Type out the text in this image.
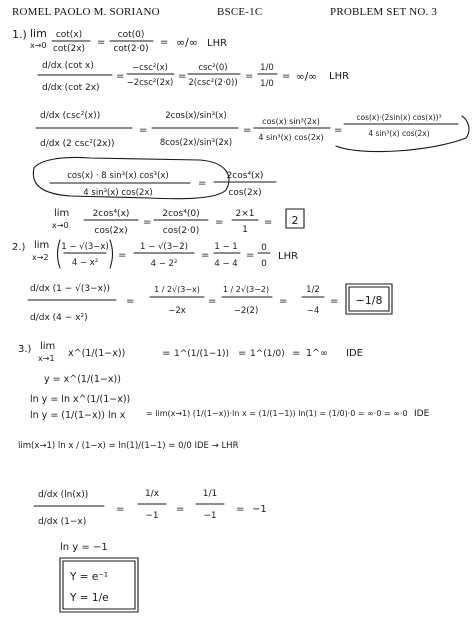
ROMEL PAOLO M. SORIANO	BSCE-1C	PROBLEM SET NO. 3
1.) lim
x→0
cot(x)
cot(2x)
=
cot(0)
cot(2·0)
= ∞/∞ LHR
d/dx (cot x)
d/dx (cot 2x)
=
−csc²(x)
−2csc²(2x)
=
csc²(0)
2(csc²(2·0))
=
1/0
1/0
= ∞/∞ LHR
d/dx (csc²(x))
d/dx (2 csc²(2x))
=
2cos(x)/sin³(x)
8cos(2x)/sin³(2x)
=
cos(x) sin³(2x)
4 sin³(x) cos(2x)
=
cos(x)·(2sin(x) cos(x))³
4 sin³(x) cos(2x)
cos(x) · 8 sin³(x) cos³(x)
4 sin³(x) cos(2x)
=
2cos⁴(x)
cos(2x)
lim
x→0
2cos⁴(x)
cos(2x)
=
2cos⁴(0)
cos(2·0)
=
2×1
1
= 2
2.) lim
x→2
1 − √(3−x)
4 − x²
=
1 − √(3−2)
4 − 2²
=
1 − 1
4 − 4
=
0
0
LHR
d/dx (1 − √(3−x))
d/dx (4 − x²)
=
1 / 2√(3−x)
−2x
=
1 / 2√(3−2)
−2(2)
=
1/2
−4
= −1/8
3.) lim
x→1 x^(1/(1−x))	= 1^(1/(1−1)) = 1^(1/0) = 1^∞ IDE
y = x^(1/(1−x))
ln y = ln x^(1/(1−x))
ln y = (1/(1−x)) ln x	= lim(x→1) (1/(1−x))·ln x = (1/(1−1)) ln(1) = (1/0)·0 = ∞·0 = ∞·0 IDE
lim(x→1) ln x / (1−x) = ln(1)/(1−1) = 0/0 IDE → LHR
d/dx (ln(x))
d/dx (1−x)
=
1/x
−1
=
1/1
−1
= −1
ln y = −1
Y = e⁻¹
Y = 1/e
